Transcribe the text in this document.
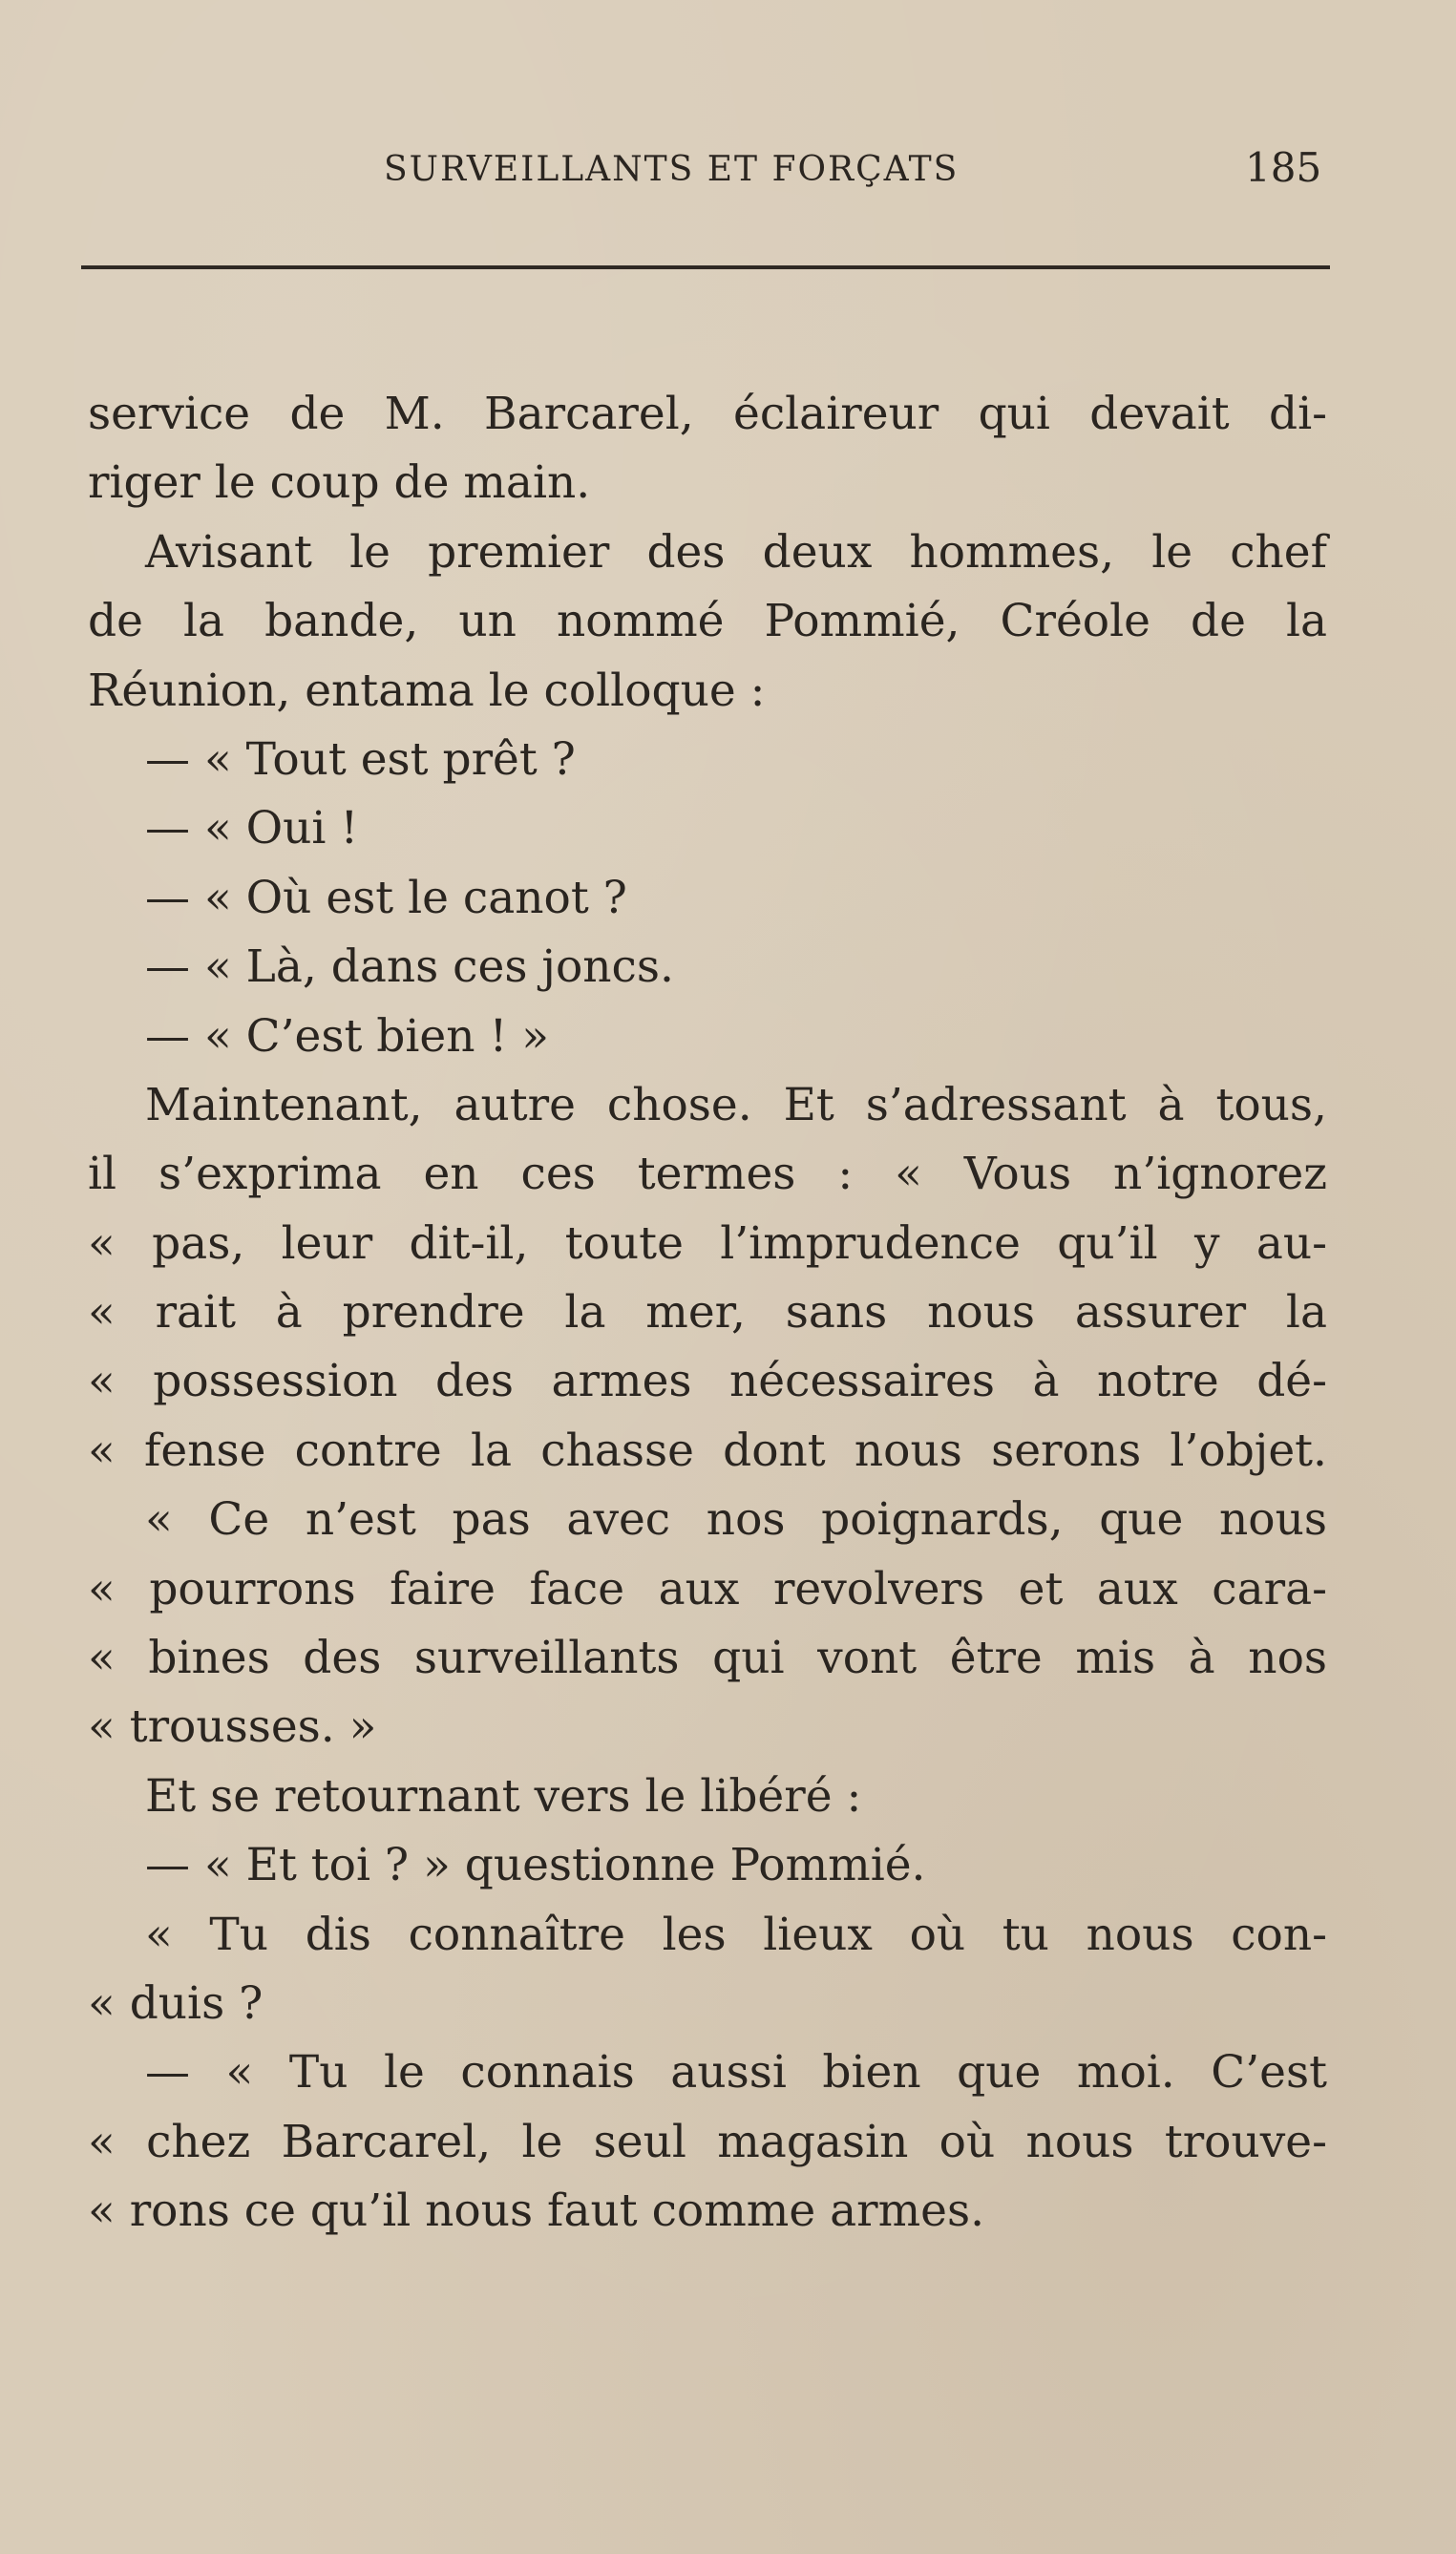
SURVEILLANTS ET FORÇATS	185
service de M. Barcarel, éclaireur qui devait di-
riger le coup de main.
Avisant le premier des deux hommes, le chef
de la bande, un nommé Pommié, Créole de la
Réunion, entama le colloque :
— « Tout est prêt ?
— « Oui !
— « Où est le canot ?
— « Là, dans ces joncs.
— « C’est bien ! »
Maintenant, autre chose. Et s’adressant à tous,
il s’exprima en ces termes : « Vous n’ignorez
« pas, leur dit-il, toute l’imprudence qu’il y au-
« rait à prendre la mer, sans nous assurer la
« possession des armes nécessaires à notre dé-
« fense contre la chasse dont nous serons l’objet.
« Ce n’est pas avec nos poignards, que nous
« pourrons faire face aux revolvers et aux cara-
« bines des surveillants qui vont être mis à nos
« trousses. »
Et se retournant vers le libéré :
— « Et toi ? » questionne Pommié.
« Tu dis connaître les lieux où tu nous con-
« duis ?
— « Tu le connais aussi bien que moi. C’est
« chez Barcarel, le seul magasin où nous trouve-
« rons ce qu’il nous faut comme armes.
